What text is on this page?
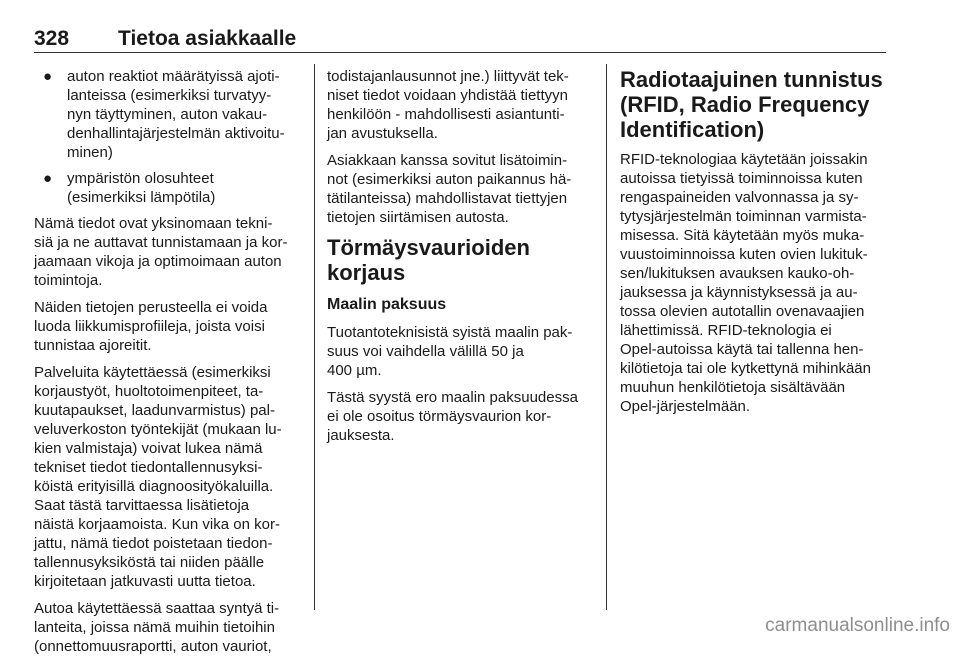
328 Tietoa asiakkaalle
● auton reaktiot määrätyissä ajoti-
lanteissa (esimerkiksi turvatyy-
nyn täyttyminen, auton vakau-
denhallintajärjestelmän aktivoitu-
minen)
● ympäristön olosuhteet
(esimerkiksi lämpötila)

Nämä tiedot ovat yksinomaan tekni-
siä ja ne auttavat tunnistamaan ja kor-
jaamaan vikoja ja optimoimaan auton
toimintoja.

Näiden tietojen perusteella ei voida
luoda liikkumisprofiileja, joista voisi
tunnistaa ajoreitit.

Palveluita käytettäessä (esimerkiksi
korjaustyöt, huoltotoimenpiteet, ta-
kuutapaukset, laadunvarmistus) pal-
veluverkoston työntekijät (mukaan lu-
kien valmistaja) voivat lukea nämä
tekniset tiedot tiedontallennusyksi-
köistä erityisillä diagnoosityökaluilla.
Saat tästä tarvittaessa lisätietoja
näistä korjaamoista. Kun vika on kor-
jattu, nämä tiedot poistetaan tiedon-
tallennusyksiköstä tai niiden päälle
kirjoitetaan jatkuvasti uutta tietoa.

Autoa käytettäessä saattaa syntyä ti-
lanteita, joissa nämä muihin tietoihin
(onnettomuusraportti, auton vauriot,

todistajanlausunnot jne.) liittyvät tek-
niset tiedot voidaan yhdistää tiettyyn
henkilöön - mahdollisesti asiantunti-
jan avustuksella.

Asiakkaan kanssa sovitut lisätoimin-
not (esimerkiksi auton paikannus hä-
tätilanteissa) mahdollistavat tiettyjen
tietojen siirtämisen autosta.

Törmäysvaurioiden korjaus
Maalin paksuus

Tuotantoteknisistä syistä maalin pak-
suus voi vaihdella välillä 50 ja
400 µm.

Tästä syystä ero maalin paksuudessa
ei ole osoitus törmäysvaurion kor-
jauksesta.

Radiotaajuinen tunnistus
(RFID, Radio Frequency
Identification)

RFID-teknologiaa käytetään joissakin
autoissa tietyissä toiminnoissa kuten
rengaspaineiden valvonnassa ja sy-
tytysjärjestelmän toiminnan varmista-
misessa. Sitä käytetään myös muka-
vuustoiminnoissa kuten ovien lukituk-
sen/lukituksen avauksen kauko-oh-
jauksessa ja käynnistyksessä ja au-
tossa olevien autotallin ovenavaajien
lähettimissä. RFID-teknologia ei
Opel-autoissa käytä tai tallenna hen-
kilötietoja tai ole kytkettynä mihinkään
muuhun henkilötietoja sisältävään
Opel-järjestelmään.

carmanualsonline.info
